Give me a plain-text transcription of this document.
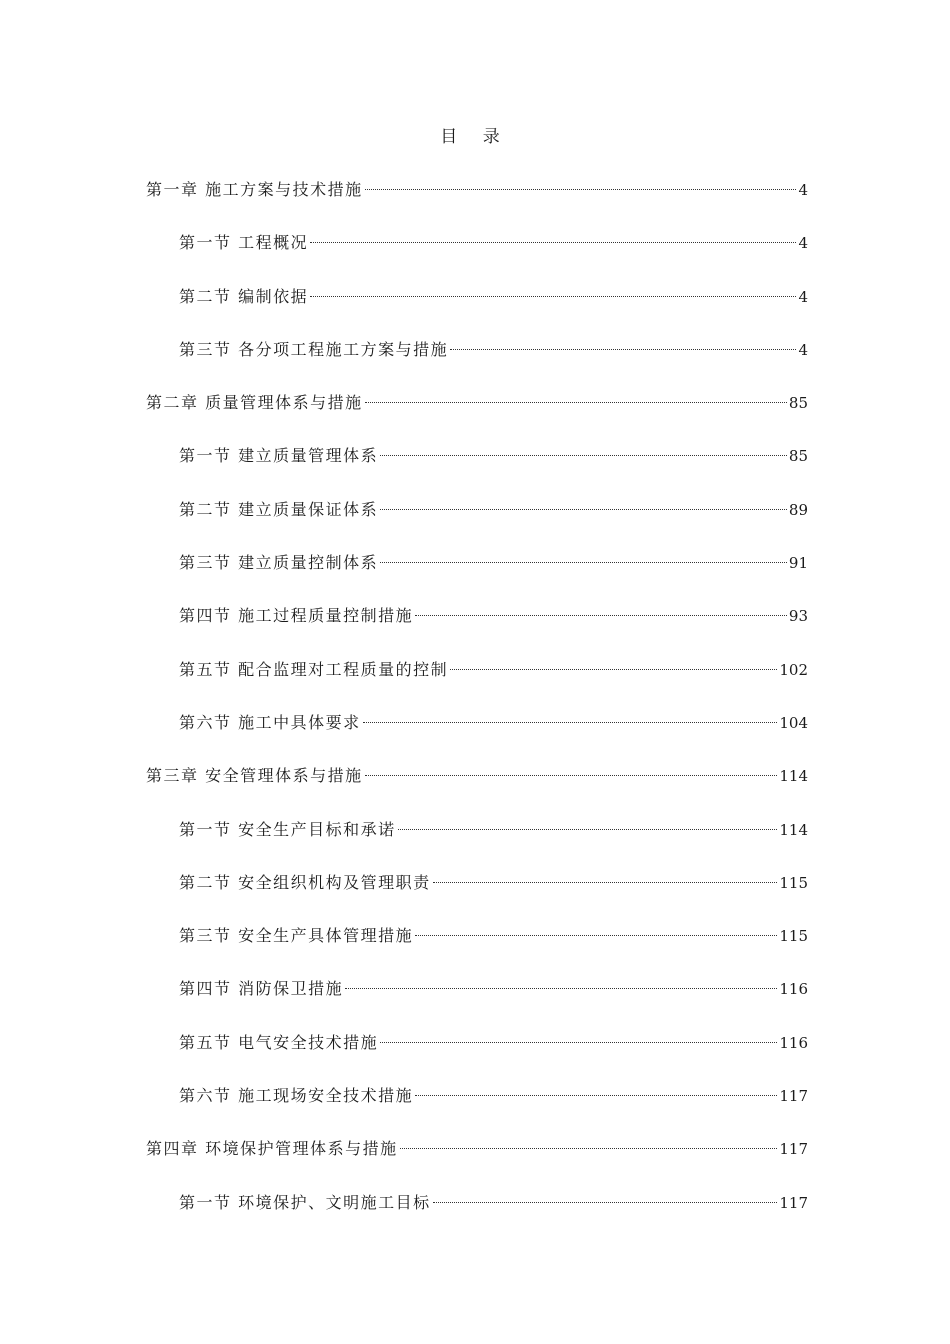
目 录
第一章 施工方案与技术措施	4
第一节 工程概况	4
第二节 编制依据	4
第三节 各分项工程施工方案与措施	4
第二章 质量管理体系与措施	85
第一节 建立质量管理体系	85
第二节 建立质量保证体系	89
第三节 建立质量控制体系	91
第四节 施工过程质量控制措施	93
第五节 配合监理对工程质量的控制	102
第六节 施工中具体要求	104
第三章 安全管理体系与措施	114
第一节 安全生产目标和承诺	114
第二节 安全组织机构及管理职责	115
第三节 安全生产具体管理措施	115
第四节 消防保卫措施	116
第五节 电气安全技术措施	116
第六节 施工现场安全技术措施	117
第四章 环境保护管理体系与措施	117
第一节 环境保护、文明施工目标	117
